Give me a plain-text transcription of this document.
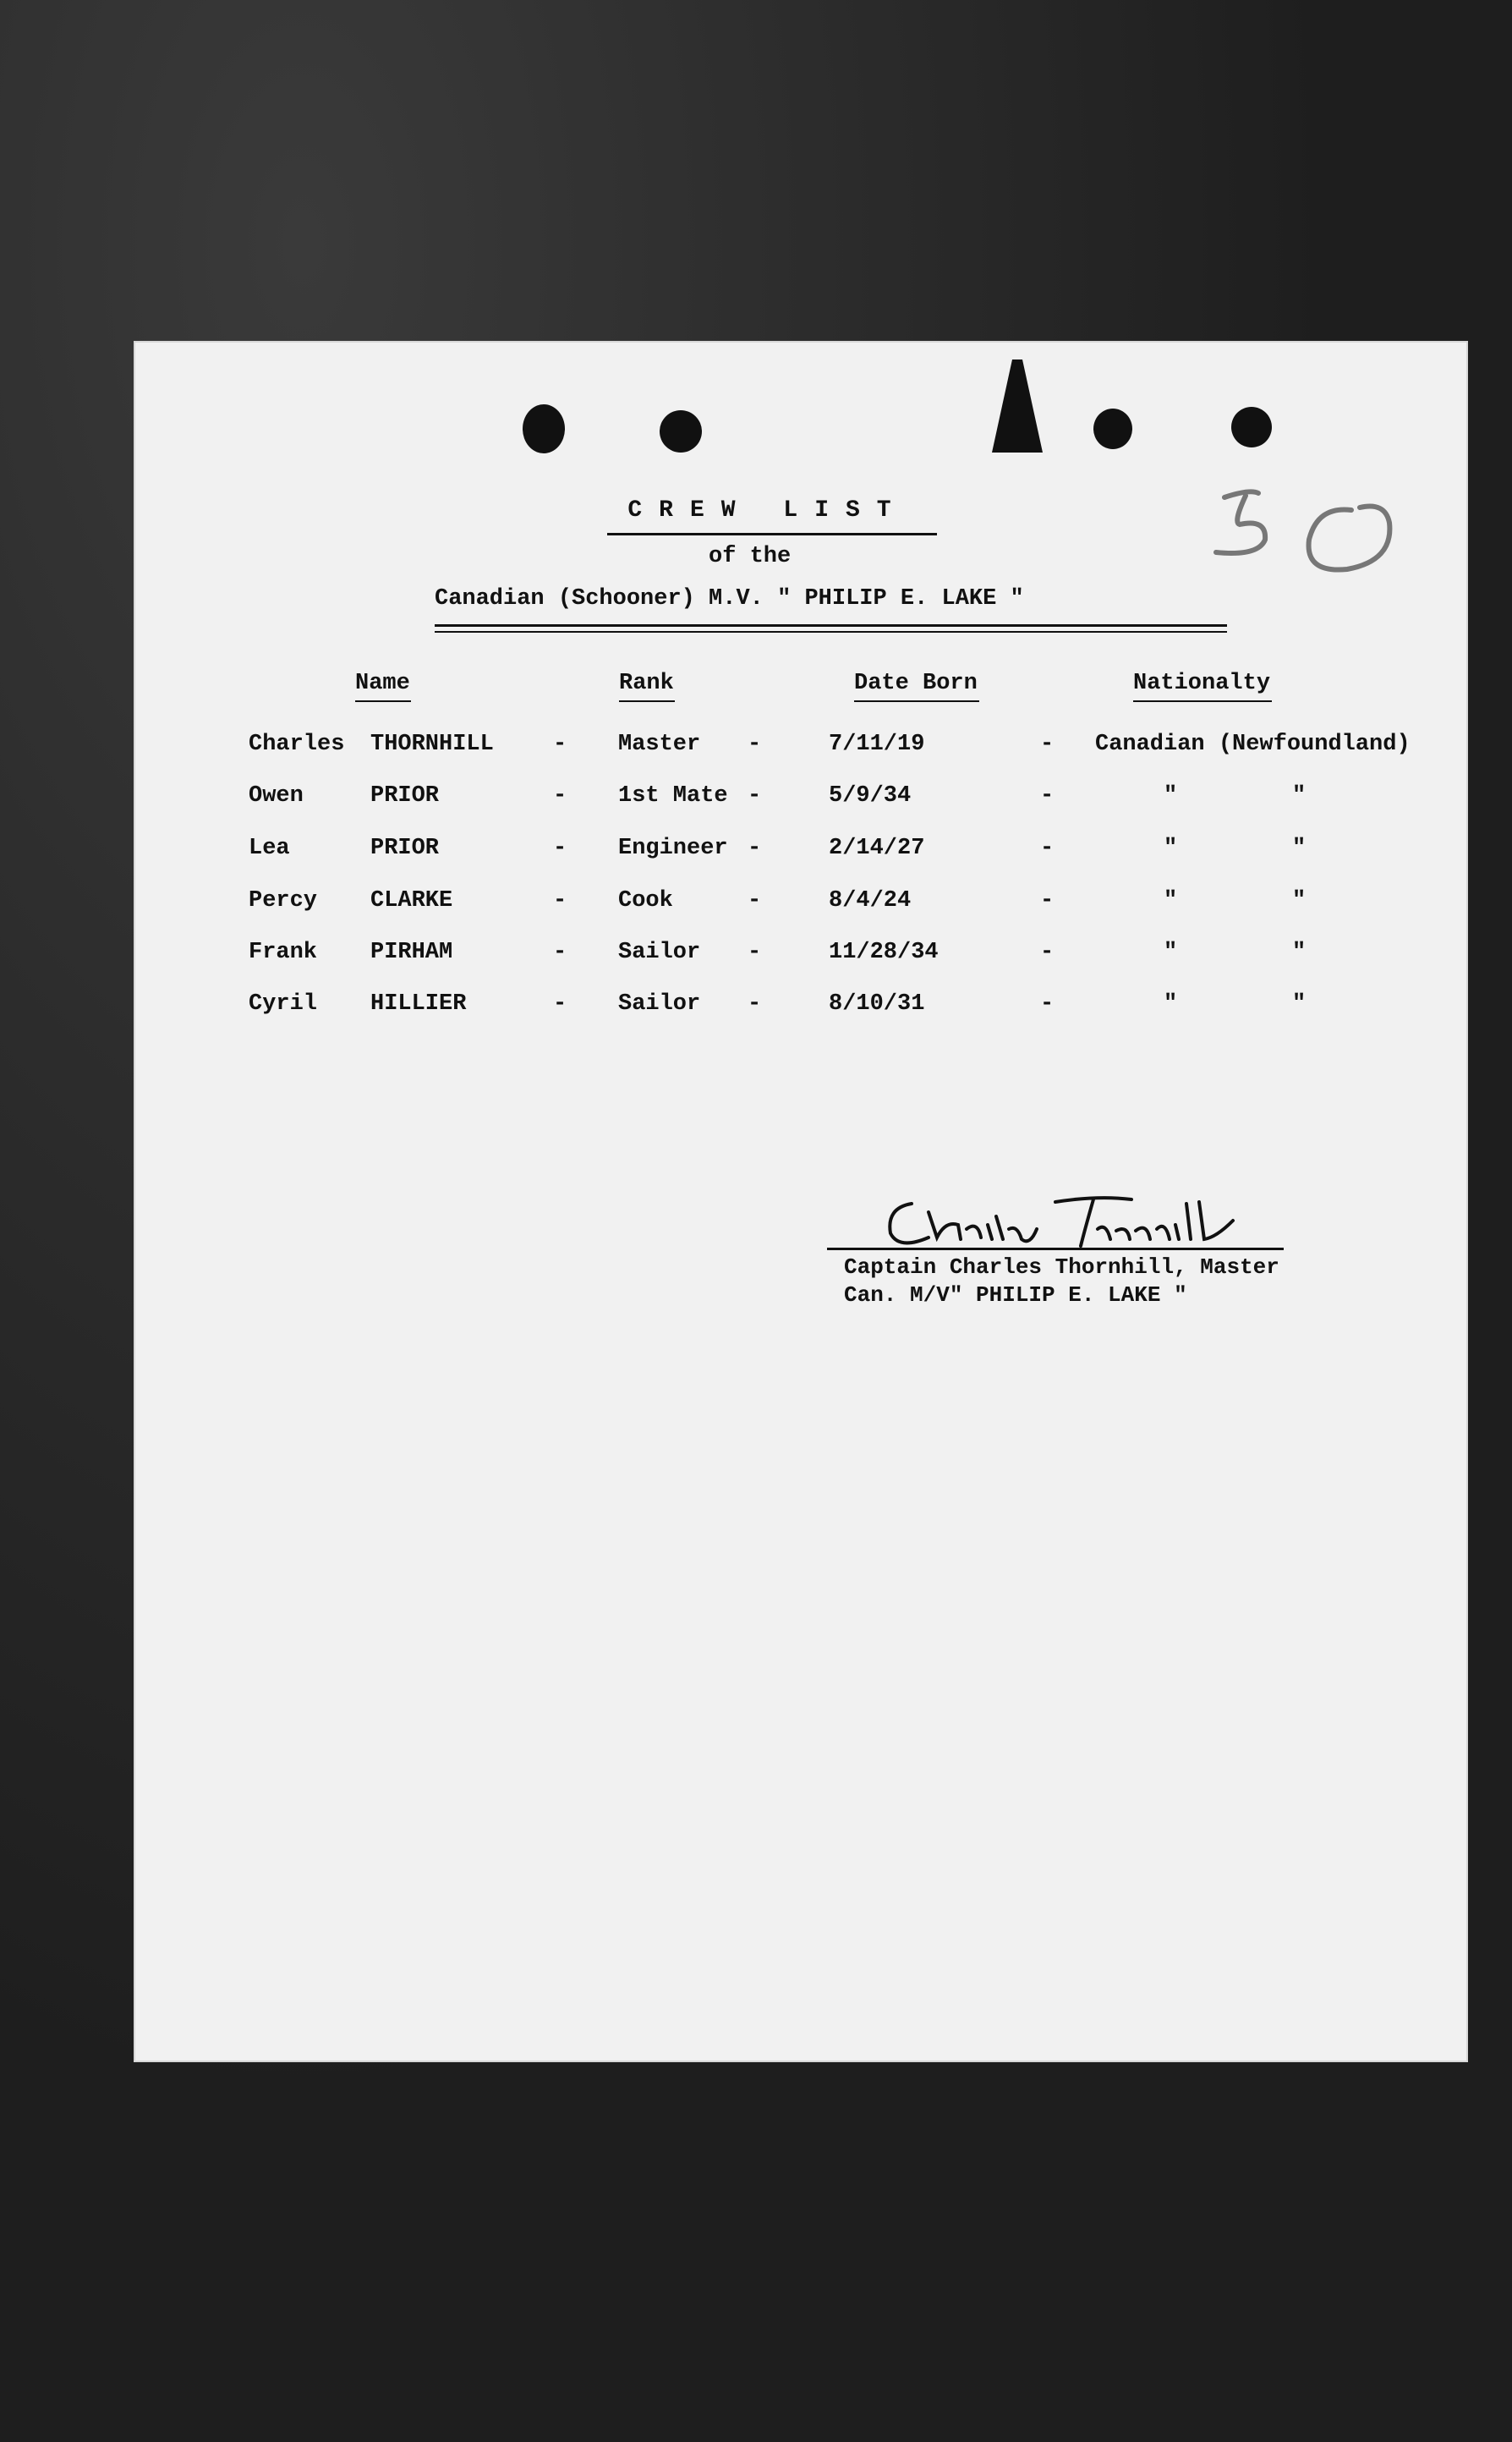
CREW LIST
of the
Canadian (Schooner) M.V. " PHILIP E. LAKE "
Name	Rank	Date Born	Nationalty
Charles THORNHILL	- Master -	7/11/19	- Canadian (Newfoundland)
Owen	PRIOR	- 1st Mate -	5/9/34	-	"	"
Lea	PRIOR	- Engineer -	2/14/27	-	"	"
Percy CLARKE	- Cook	-	8/4/24	-	"	"
Frank PIRHAM	- Sailor -	11/28/34	-	"	"
Cyril HILLIER	- Sailor -	8/10/31	-	"	"
Captain Charles Thornhill, Master
Can. M/V" PHILIP E. LAKE "
